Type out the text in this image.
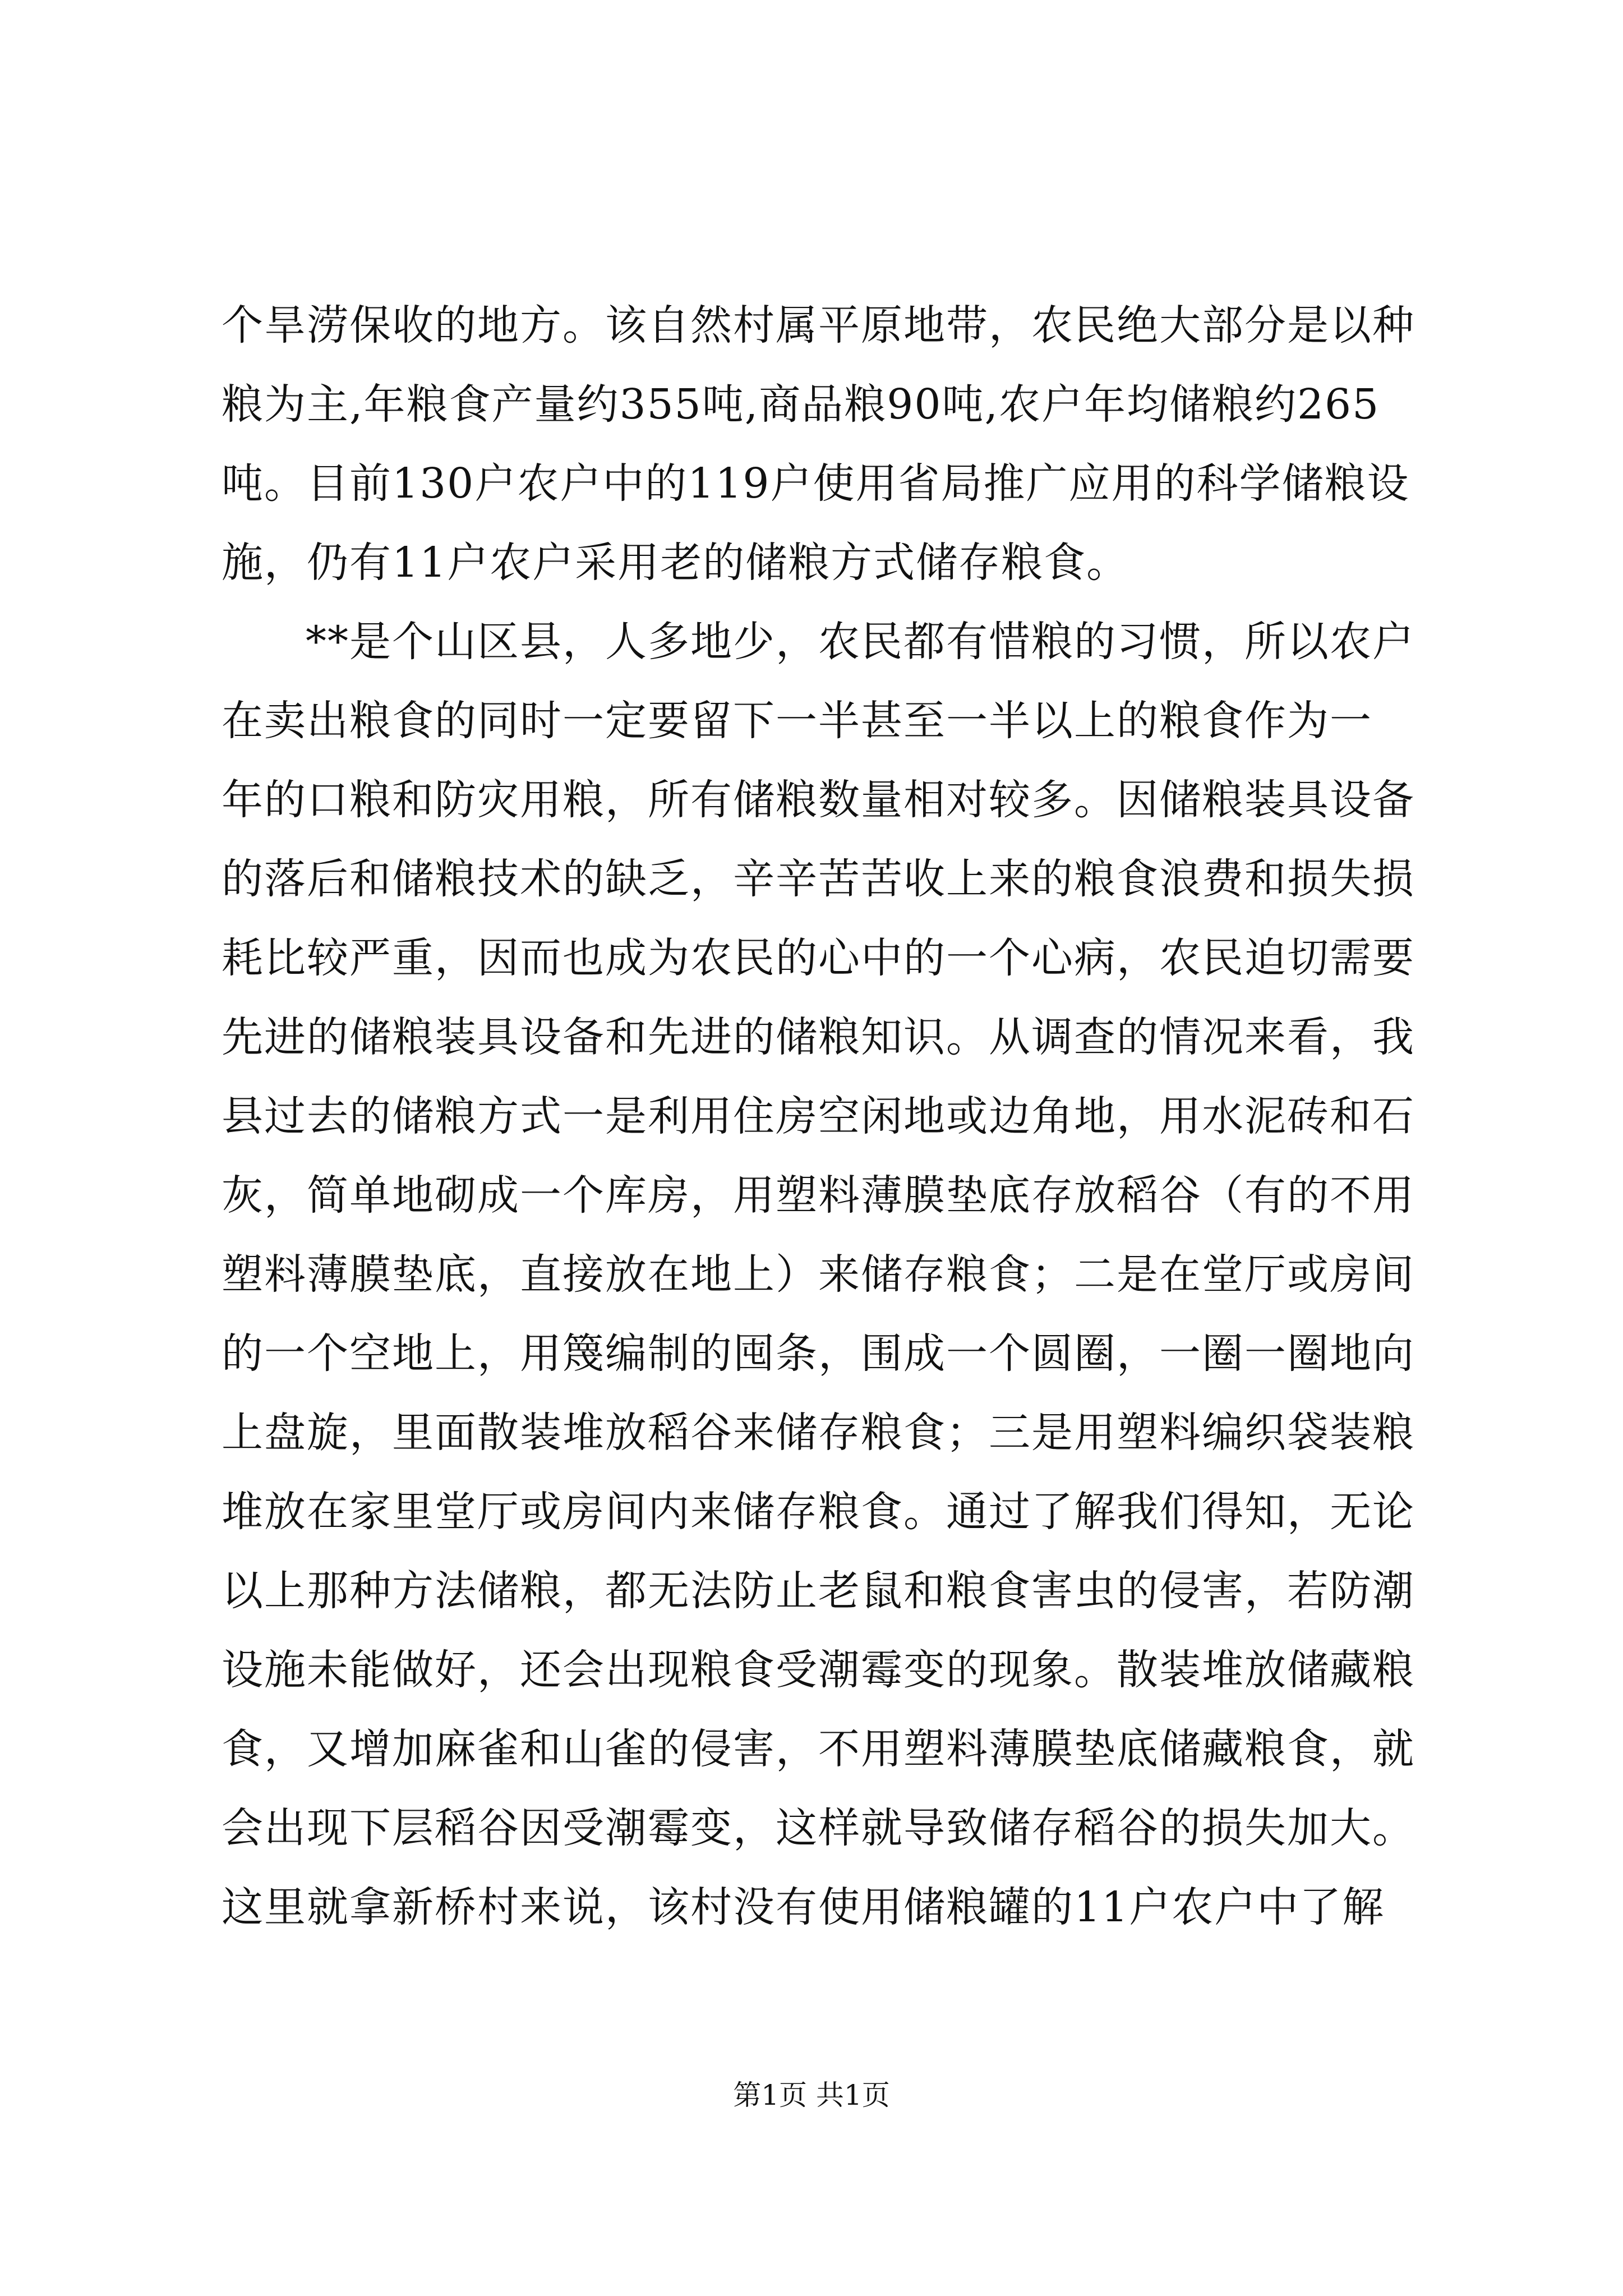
个旱涝保收的地方。该自然村属平原地带，农民绝大部分是以种
粮为主,年粮食产量约355吨,商品粮90吨,农户年均储粮约265
吨。目前130户农户中的119户使用省局推广应用的科学储粮设
施，仍有11户农户采用老的储粮方式储存粮食。
**是个山区县，人多地少，农民都有惜粮的习惯，所以农户
在卖出粮食的同时一定要留下一半甚至一半以上的粮食作为一
年的口粮和防灾用粮，所有储粮数量相对较多。因储粮装具设备
的落后和储粮技术的缺乏，辛辛苦苦收上来的粮食浪费和损失损
耗比较严重，因而也成为农民的心中的一个心病，农民迫切需要
先进的储粮装具设备和先进的储粮知识。从调查的情况来看，我
县过去的储粮方式一是利用住房空闲地或边角地，用水泥砖和石
灰，简单地砌成一个库房，用塑料薄膜垫底存放稻谷（有的不用
塑料薄膜垫底，直接放在地上）来储存粮食；二是在堂厅或房间
的一个空地上，用篾编制的囤条，围成一个圆圈，一圈一圈地向
上盘旋，里面散装堆放稻谷来储存粮食；三是用塑料编织袋装粮
堆放在家里堂厅或房间内来储存粮食。通过了解我们得知，无论
以上那种方法储粮，都无法防止老鼠和粮食害虫的侵害，若防潮
设施未能做好，还会出现粮食受潮霉变的现象。散装堆放储藏粮
食，又增加麻雀和山雀的侵害，不用塑料薄膜垫底储藏粮食，就
会出现下层稻谷因受潮霉变，这样就导致储存稻谷的损失加大。
这里就拿新桥村来说，该村没有使用储粮罐的11户农户中了解
第1页 共1页
